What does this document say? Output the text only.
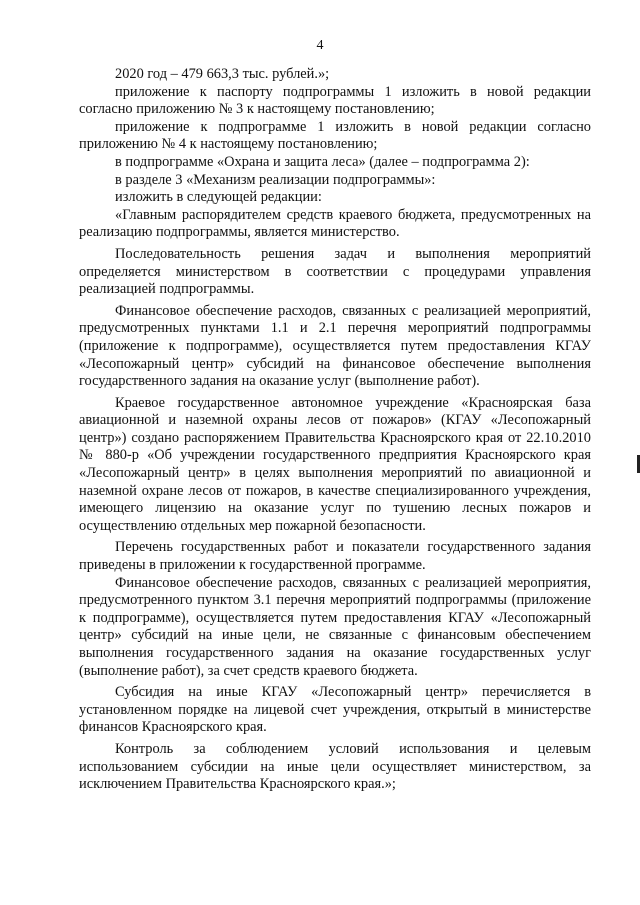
4

2020 год – 479 663,3 тыс. рублей.»;

приложение к паспорту подпрограммы 1 изложить в новой редакции согласно приложению № 3 к настоящему постановлению;

приложение к подпрограмме 1 изложить в новой редакции согласно приложению № 4 к настоящему постановлению;

в подпрограмме «Охрана и защита леса» (далее – подпрограмма 2):

в разделе 3 «Механизм реализации подпрограммы»:

изложить в следующей редакции:

«Главным распорядителем средств краевого бюджета, предусмотренных на реализацию подпрограммы, является министерство.

Последовательность решения задач и выполнения мероприятий определяется министерством в соответствии с процедурами управления реализацией подпрограммы.

Финансовое обеспечение расходов, связанных с реализацией мероприятий, предусмотренных пунктами 1.1 и 2.1 перечня мероприятий подпрограммы (приложение к подпрограмме), осуществляется путем предоставления КГАУ «Лесопожарный центр» субсидий на финансовое обеспечение выполнения государственного задания на оказание услуг (выполнение работ).

Краевое государственное автономное учреждение «Красноярская база авиационной и наземной охраны лесов от пожаров» (КГАУ «Лесопожарный центр») создано распоряжением Правительства Красноярского края от 22.10.2010 № 880-р «Об учреждении государственного предприятия Красноярского края «Лесопожарный центр» в целях выполнения мероприятий по авиационной и наземной охране лесов от пожаров, в качестве специализированного учреждения, имеющего лицензию на оказание услуг по тушению лесных пожаров и осуществлению отдельных мер пожарной безопасности.

Перечень государственных работ и показатели государственного задания приведены в приложении к государственной программе.

Финансовое обеспечение расходов, связанных с реализацией мероприятия, предусмотренного пунктом 3.1 перечня мероприятий подпрограммы (приложение к подпрограмме), осуществляется путем предоставления КГАУ «Лесопожарный центр» субсидий на иные цели, не связанные с финансовым обеспечением выполнения государственного задания на оказание государственных услуг (выполнение работ), за счет средств краевого бюджета.

Субсидия на иные КГАУ «Лесопожарный центр» перечисляется в установленном порядке на лицевой счет учреждения, открытый в министерстве финансов Красноярского края.

Контроль за соблюдением условий использования и целевым использованием субсидии на иные цели осуществляет министерством, за исключением Правительства Красноярского края.»;
